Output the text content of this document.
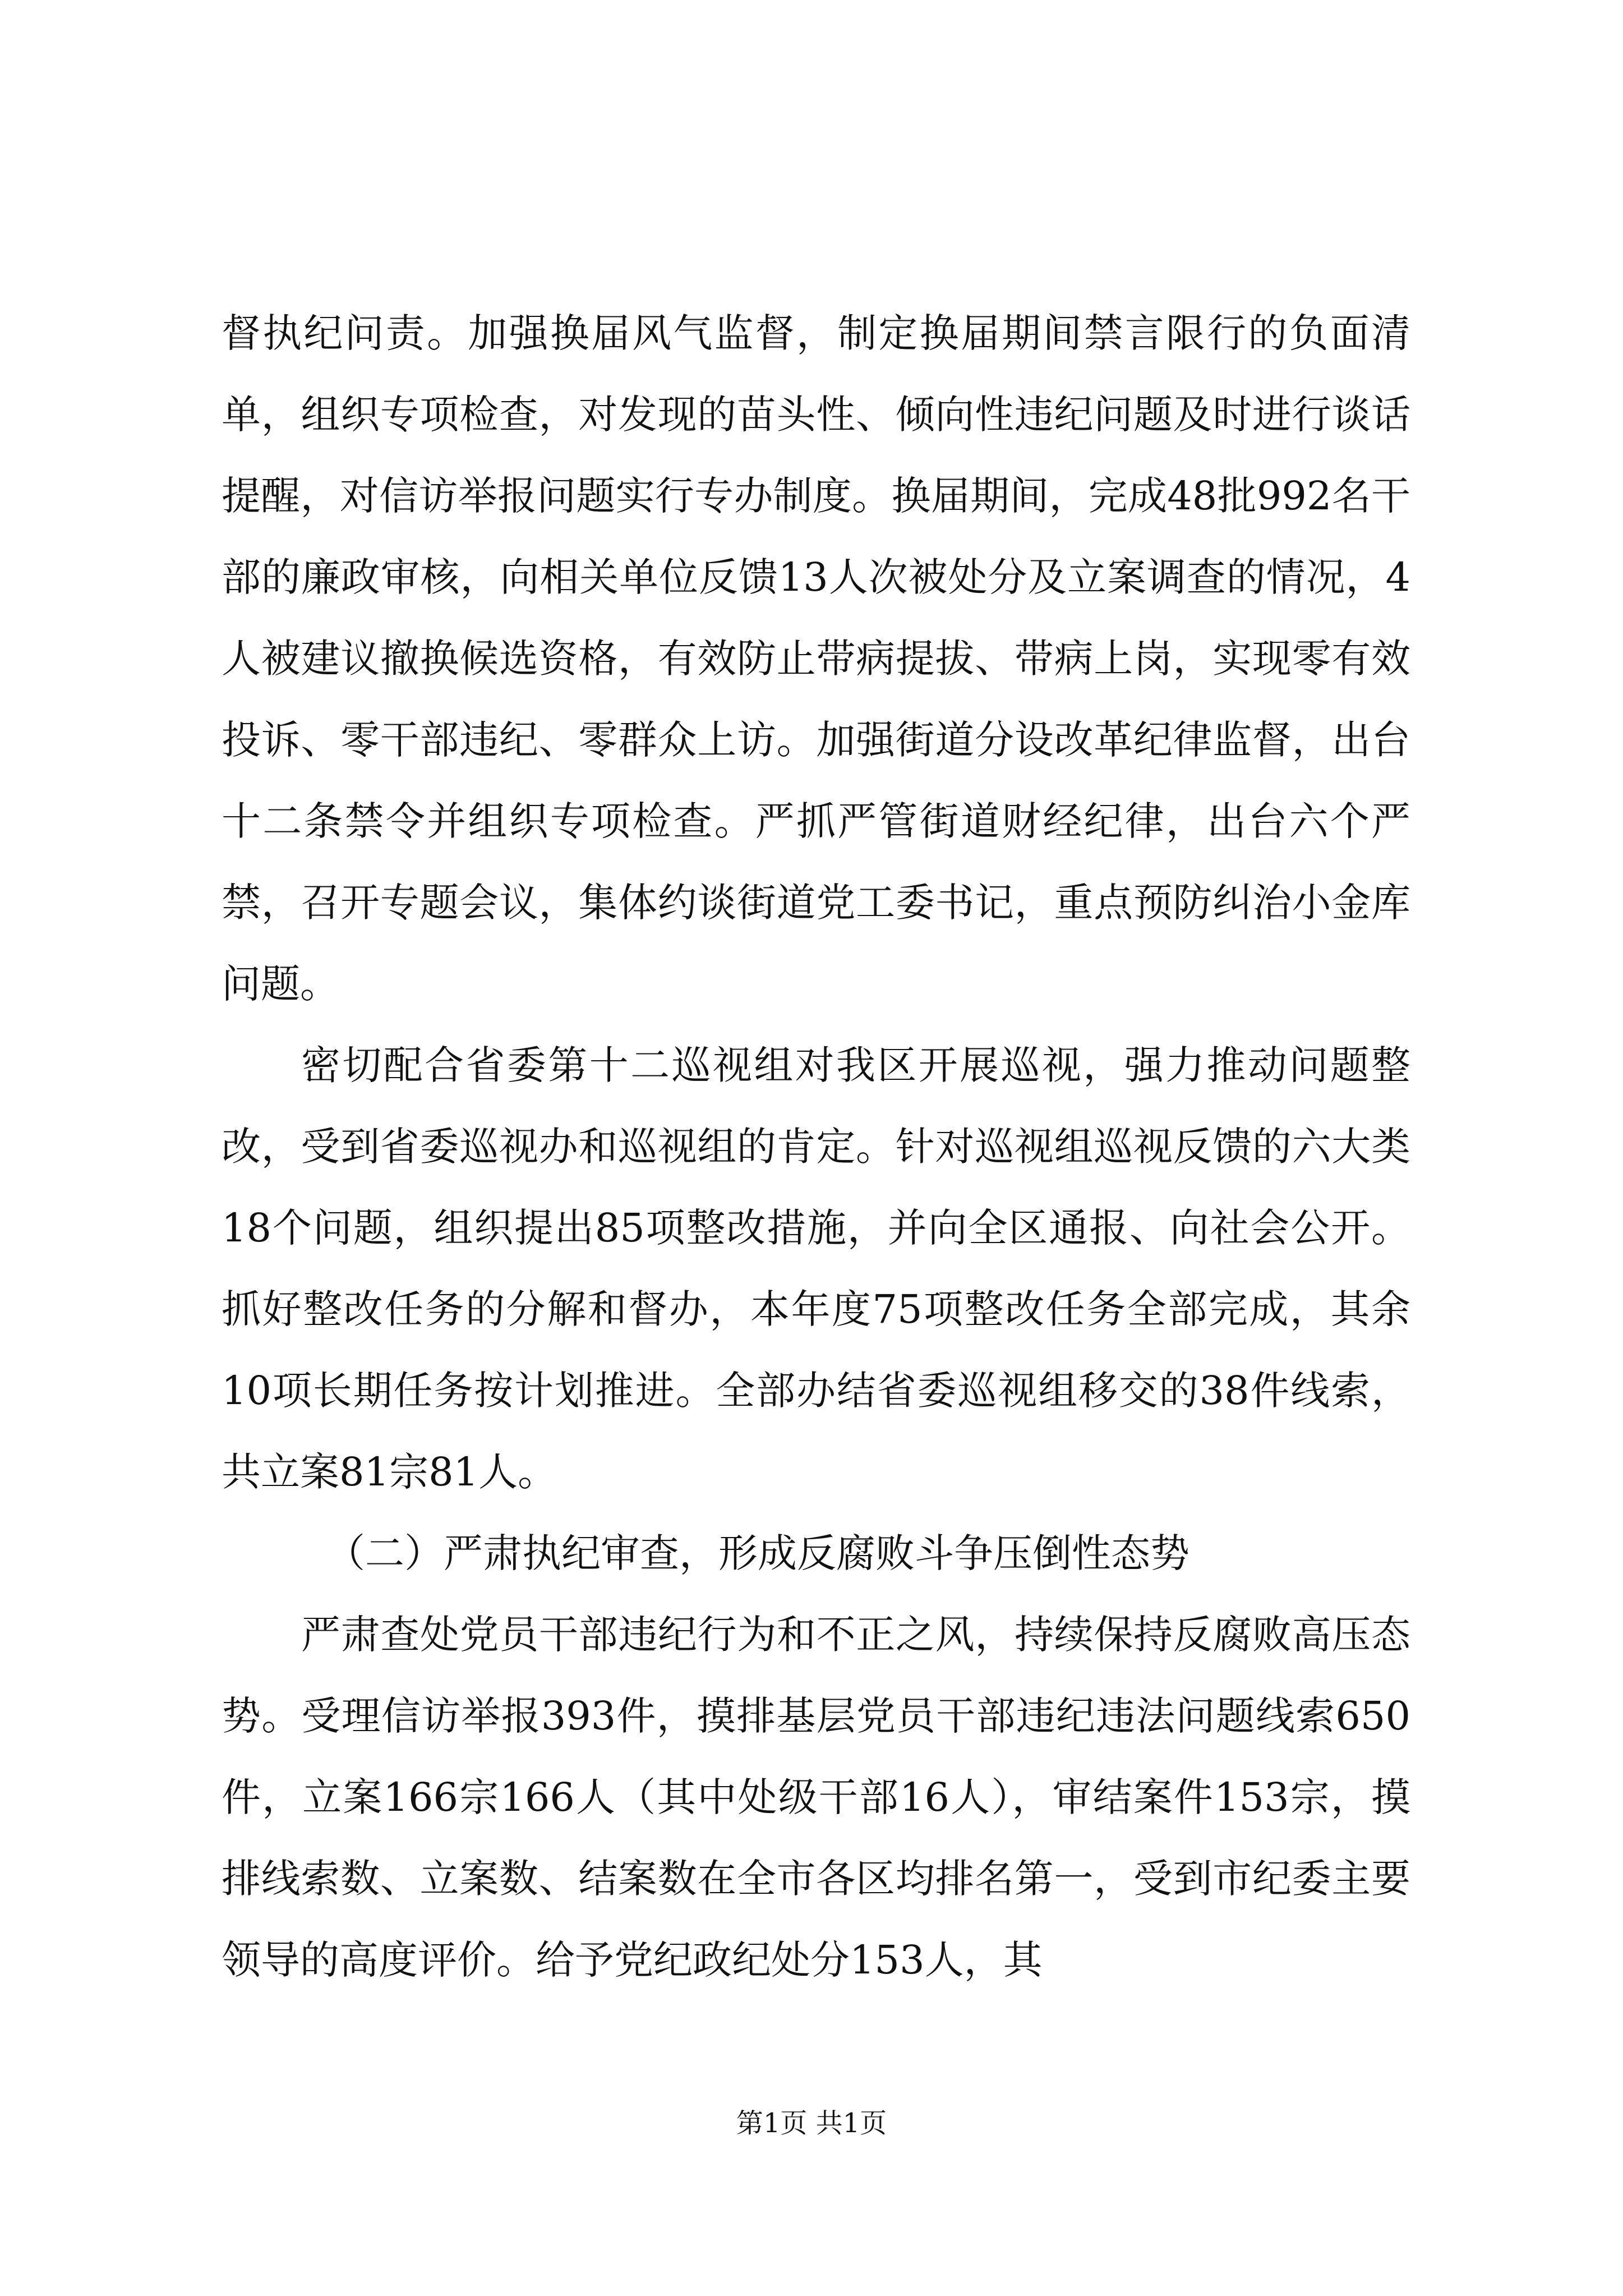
督执纪问责。加强换届风气监督，制定换届期间禁言限行的负面清单，组织专项检查，对发现的苗头性、倾向性违纪问题及时进行谈话提醒，对信访举报问题实行专办制度。换届期间，完成48批992名干部的廉政审核，向相关单位反馈13人次被处分及立案调查的情况，4人被建议撤换候选资格，有效防止带病提拔、带病上岗，实现零有效投诉、零干部违纪、零群众上访。加强街道分设改革纪律监督，出台十二条禁令并组织专项检查。严抓严管街道财经纪律，出台六个严禁，召开专题会议，集体约谈街道党工委书记，重点预防纠治小金库问题。

密切配合省委第十二巡视组对我区开展巡视，强力推动问题整改，受到省委巡视办和巡视组的肯定。针对巡视组巡视反馈的六大类18个问题，组织提出85项整改措施，并向全区通报、向社会公开。抓好整改任务的分解和督办，本年度75项整改任务全部完成，其余10项长期任务按计划推进。全部办结省委巡视组移交的38件线索，共立案81宗81人。

（二）严肃执纪审查，形成反腐败斗争压倒性态势

严肃查处党员干部违纪行为和不正之风，持续保持反腐败高压态势。受理信访举报393件，摸排基层党员干部违纪违法问题线索650件，立案166宗166人（其中处级干部16人），审结案件153宗，摸排线索数、立案数、结案数在全市各区均排名第一，受到市纪委主要领导的高度评价。给予党纪政纪处分153人，其

第1页 共1页
